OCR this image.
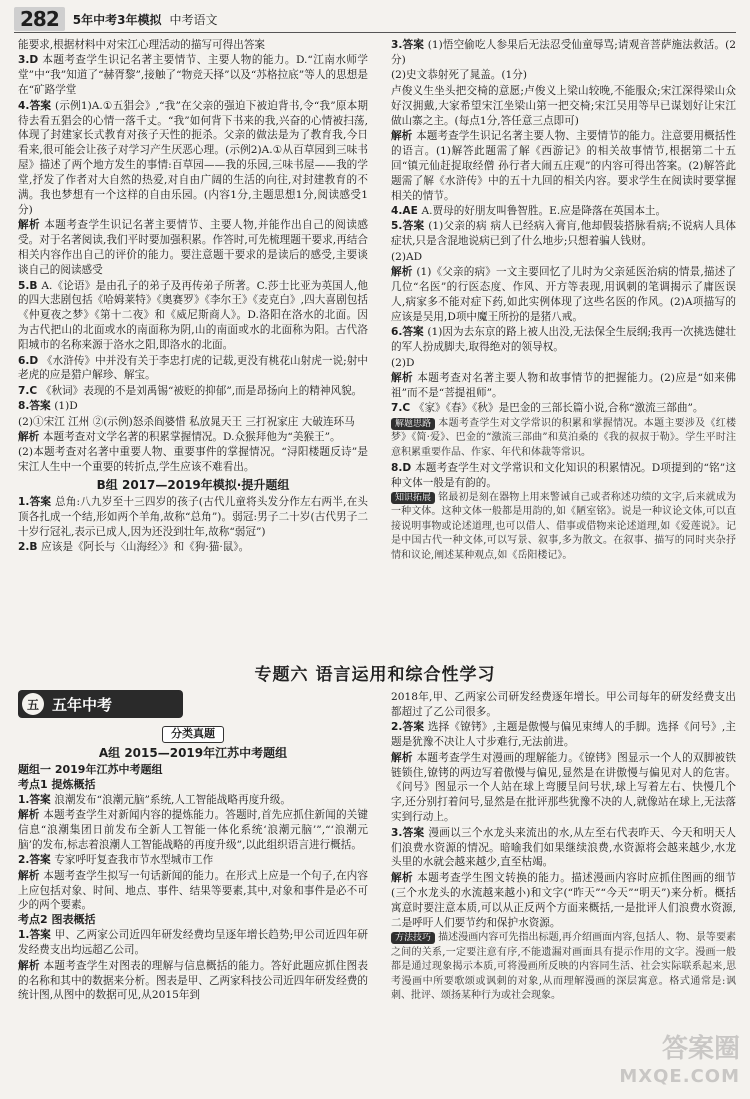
282	5年中考3年模拟 中考语文

能要求,根据材料中对宋江心理活动的描写可得出答案

3.D 本题考查学生识记名著主要情节、主要人物的能力。D.“江南水师学堂”中“我”知道了“赫胥黎”,接触了“物竞天择”以及“苏格拉底”等人的思想是在“矿路学堂

4.答案 (示例1)A.①五猖会》,“我”在父亲的强迫下被迫背书,令“我”原本期待去看五猖会的心情一落千丈。“我”如何背下书来的我,兴奋的心情被扫荡,体现了封建家长式教育对孩子天性的扼杀。父亲的做法是为了教育我,今日看来,很可能会让孩子对学习产生厌恶心理。(示例2)A.①从百草园到三味书屋》描述了两个地方发生的事情:百草园——我的乐园,三味书屋——我的学堂,抒发了作者对大自然的热爱,对自由广阔的生活的向往,对封建教育的不满。我也梦想有一个这样的自由乐园。(内容1分,主题思想1分,阅读感受1分)

解析 本题考查学生识记名著主要情节、主要人物,并能作出自己的阅读感受。对于名著阅读,我们平时要加强积累。作答时,可先梳理题干要求,再结合相关内容作出自己的评价的能力。要注意题干要求的是读后的感受,主要谈谈自己的阅读感受

5.B A.《论语》是由孔子的弟子及再传弟子所著。C.莎士比亚为英国人,他的四大悲剧包括《哈姆莱特》《奥赛罗》《李尔王》《麦克白》,四大喜剧包括《仲夏夜之梦》《第十二夜》和《威尼斯商人》。D.洛阳在洛水的北面。因为古代把山的北面或水的南面称为阴,山的南面或水的北面称为阳。古代洛阳城市的名称来源于洛水之阳,即洛水的北面。

6.D 《水浒传》中并没有关于李忠打虎的记载,更没有桃花山射虎一说;射中老虎的应是猎户解珍、解宝。

7.C 《秋词》表现的不是刘禹锡“被贬的抑郁”,而是昂扬向上的精神风貌。

8.答案 (1)D

(2)①宋江 江州 ②(示例)怒杀阎婆惜 私放晁天王 三打祝家庄 大破连环马

解析 本题考查对文学名著的积累掌握情况。D.众猴拜他为“美猴王”。

(2)本题考查对名著中重要人物、重要事件的掌握情况。“浔阳楼题反诗”是宋江人生中一个重要的转折点,学生应该不难看出。

B组 2017—2019年模拟·提升题组

1.答案 总角:八九岁至十三四岁的孩子(古代儿童将头发分作左右两半,在头顶各扎成一个结,形如两个羊角,故称“总角”)。弱冠:男子二十岁(古代男子二十岁行冠礼,表示已成人,因为还没到壮年,故称“弱冠”)

2.B 应该是《阿长与〈山海经〉》和《狗·猫·鼠》。

3.答案 (1)悟空偷吃人参果后无法忍受仙童辱骂;请观音菩萨施法救活。(2分)

(2)史文恭射死了晁盖。(1分)

卢俊义生坐头把交椅的意愿;卢俊义上梁山较晚,不能服众;宋江深得梁山众好汉拥戴,大家希望宋江坐梁山第一把交椅;宋江吴用等早已谋划好让宋江做山寨之主。(每点1分,答任意三点即可)

解析 本题考查学生识记名著主要人物、主要情节的能力。注意要用概括性的语言。(1)解答此题需了解《西游记》的相关故事情节,根据第二十五回“镇元仙赶捉取经僧 孙行者大闹五庄观”的内容可得出答案。(2)解答此题需了解《水浒传》中的五十九回的相关内容。要求学生在阅读时要掌握相关的情节。

4.AE A.贾母的好朋友叫鲁智胜。E.应是降落在英国本土。

5.答案 (1)父亲的病 病人已经病入膏肓,他却假装搭脉看病;不说病人具体症状,只是含混地说病已到了什么地步;只想着骗人钱财。

(2)AD

解析 (1)《父亲的病》一文主要回忆了儿时为父亲延医治病的情景,描述了几位“名医”的行医态度、作风、开方等表现,用讽刺的笔调揭示了庸医误人,病家多不能对症下药,如此实例体现了这些名医的作风。(2)A项描写的应该是吴用,D项中魔王所扮的是猪八戒。

6.答案 (1)因为去东京的路上被人出没,无法保全生辰纲;我再一次挑选健壮的军人扮成脚夫,取得绝对的领导权。

(2)D

解析 本题考查对名著主要人物和故事情节的把握能力。(2)应是“如来佛祖”而不是“菩提祖师”。

7.C 《家》《春》《秋》是巴金的三部长篇小说,合称“激流三部曲”。

解题思路 本题考查学生对文学常识的积累和掌握情况。本题主要涉及《红楼梦》《简·爱》、巴金的“激流三部曲”和莫泊桑的《我的叔叔于勒》。学生平时注意积累重要作品、作家、年代和体裁等常识。

8.D 本题考查学生对文学常识和文化知识的积累情况。D项提到的“铭”这种文体一般是有韵的。

知识拓展 铭最初是刻在器物上用来警诫自己或者称述功绩的文字,后来就成为一种文体。这种文体一般都是用韵的,如《陋室铭》。说是一种议论文体,可以直接说明事物或论述道理,也可以借人、借事或借物来论述道理,如《爱莲说》。记是中国古代一种文体,可以写景、叙事,多为散文。在叙事、描写的同时夹杂抒情和议论,阐述某种观点,如《岳阳楼记》。

专题六 语言运用和综合性学习
五 五年中考
分类真题
A组 2015—2019年江苏中考题组
题组一 2019年江苏中考题组
考点1 提炼概括

1.答案 浪潮发布“浪潮元脑”系统,人工智能战略再度升级。

解析 本题考查学生对新闻内容的提炼能力。答题时,首先应抓住新闻的关键信息“浪潮集团日前发布全新人工智能一体化系统‘浪潮元脑’”,“‘浪潮元脑’的发布,标志着浪潮人工智能战略的再度升级”,以此组织语言进行概括。

2.答案 专家呼吁复查我市节水型城市工作

解析 本题考查学生拟写一句话新闻的能力。在形式上应是一个句子,在内容上应包括对象、时间、地点、事件、结果等要素,其中,对象和事件是必不可少的两个要素。

考点2 图表概括

1.答案 甲、乙两家公司近四年研发经费均呈逐年增长趋势;甲公司近四年研发经费支出均远超乙公司。

解析 本题考查学生对图表的理解与信息概括的能力。答好此题应抓住图表的名称和其中的数据来分析。图表是甲、乙两家科技公司近四年研发经费的统计图,从图中的数据可见,从2015年到

2018年,甲、乙两家公司研发经费逐年增长。甲公司每年的研发经费支出都超过了乙公司很多。

2.答案 选择《镣铐》,主题是傲慢与偏见束缚人的手脚。选择《问号》,主题是犹豫不决让人寸步难行,无法前进。

解析 本题考查学生对漫画的理解能力。《镣铐》图显示一个人的双脚被铁链锁住,镣铐的两边写着傲慢与偏见,显然是在讲傲慢与偏见对人的危害。《问号》图显示一个人站在球上弯腰呈问号状,球上写着左右、快慢几个字,还分别打着问号,显然是在批评那些犹豫不决的人,就像站在球上,无法落实到行动上。

3.答案 漫画以三个水龙头来流出的水,从左至右代表昨天、今天和明天人们浪费水资源的情况。暗喻我们如果继续浪费,水资源将会越来越少,水龙头里的水就会越来越少,直至枯竭。

解析 本题考查学生图文转换的能力。描述漫画内容时应抓住图画的细节(三个水龙头的水流越来越小)和文字(“昨天”“今天”“明天”)来分析。概括寓意时要注意本质,可以从正反两个方面来概括,一是批评人们浪费水资源,二是呼吁人们要节约和保护水资源。

方法技巧 描述漫画内容可先指出标题,再介绍画面内容,包括人、物、景等要素之间的关系,一定要注意有序,不能遗漏对画面具有提示作用的文字。漫画一般都是通过现象揭示本质,可将漫画所反映的内容同生活、社会实际联系起来,思考漫画中所要歌颂或讽刺的对象,从而理解漫画的深层寓意。格式通常是:讽刺、批评、颂扬某种行为或社会现象。

答案圈
MXQE.COM
